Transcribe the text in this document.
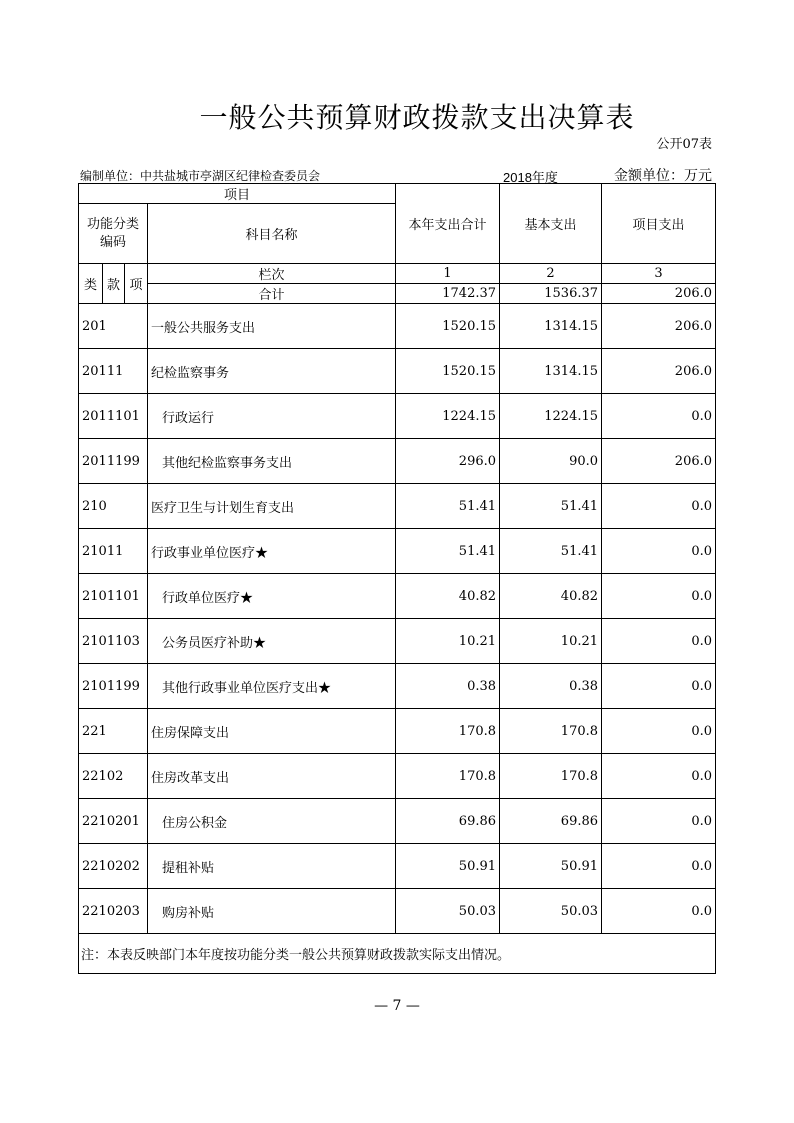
一般公共预算财政拨款支出决算表
公开07表
编制单位：中共盐城市亭湖区纪律检查委员会	2018年度	金额单位：万元
项目				本年支出合计	基本支出	项目支出
功能分类
编码			科目名称			
类	款	项	栏次	1	2	3
			合计	1742.37	1536.37	206.0
201			一般公共服务支出	1520.15	1314.15	206.0
20111			纪检监察事务	1520.15	1314.15	206.0
2011101			行政运行	1224.15	1224.15	0.0
2011199			其他纪检监察事务支出	296.0	90.0	206.0
210			医疗卫生与计划生育支出	51.41	51.41	0.0
21011			行政事业单位医疗★	51.41	51.41	0.0
2101101			行政单位医疗★	40.82	40.82	0.0
2101103			公务员医疗补助★	10.21	10.21	0.0
2101199			其他行政事业单位医疗支出★	0.38	0.38	0.0
221			住房保障支出	170.8	170.8	0.0
22102			住房改革支出	170.8	170.8	0.0
2210201			住房公积金	69.86	69.86	0.0
2210202			提租补贴	50.91	50.91	0.0
2210203			购房补贴	50.03	50.03	0.0
注：本表反映部门本年度按功能分类一般公共预算财政拨款实际支出情况。						
— 7 —
